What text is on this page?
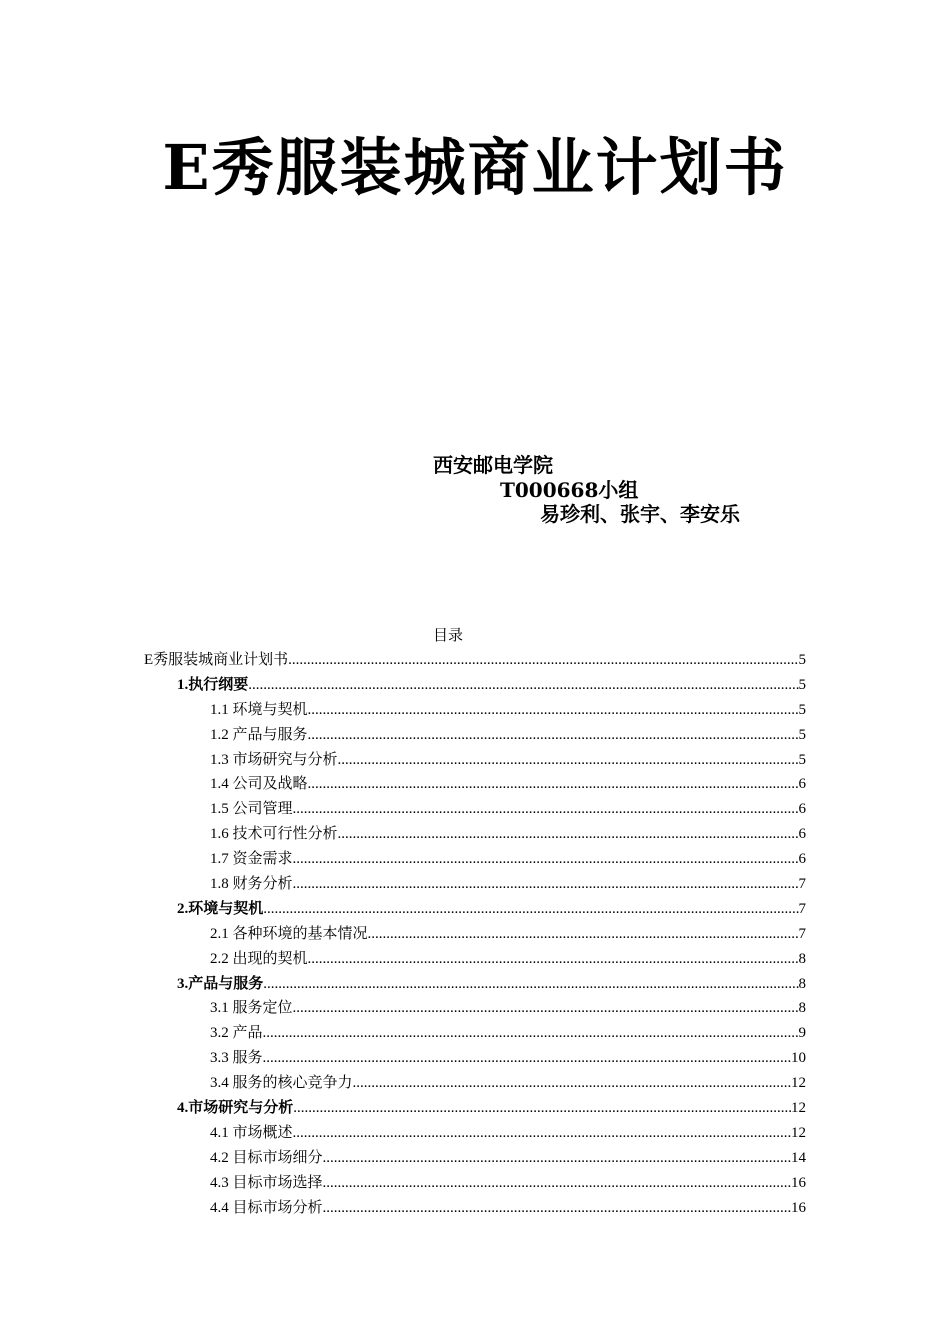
E秀服装城商业计划书
西安邮电学院
T000668小组
易珍利、张宇、李安乐
目录
E秀服装城商业计划书 .....	5
1.执行纲要 .....	5
1.1 环境与契机 .....	5
1.2 产品与服务 .....	5
1.3 市场研究与分析 .....	5
1.4 公司及战略 .....	6
1.5 公司管理 .....	6
1.6 技术可行性分析 .....	6
1.7 资金需求 .....	6
1.8 财务分析 .....	7
2.环境与契机 .....	7
2.1 各种环境的基本情况 .....	7
2.2 出现的契机 .....	8
3.产品与服务 .....	8
3.1 服务定位 .....	8
3.2 产品 .....	9
3.3 服务 .....	10
3.4 服务的核心竞争力 .....	12
4.市场研究与分析 .....	12
4.1 市场概述 .....	12
4.2 目标市场细分 .....	14
4.3 目标市场选择 .....	16
4.4 目标市场分析 .....	16
